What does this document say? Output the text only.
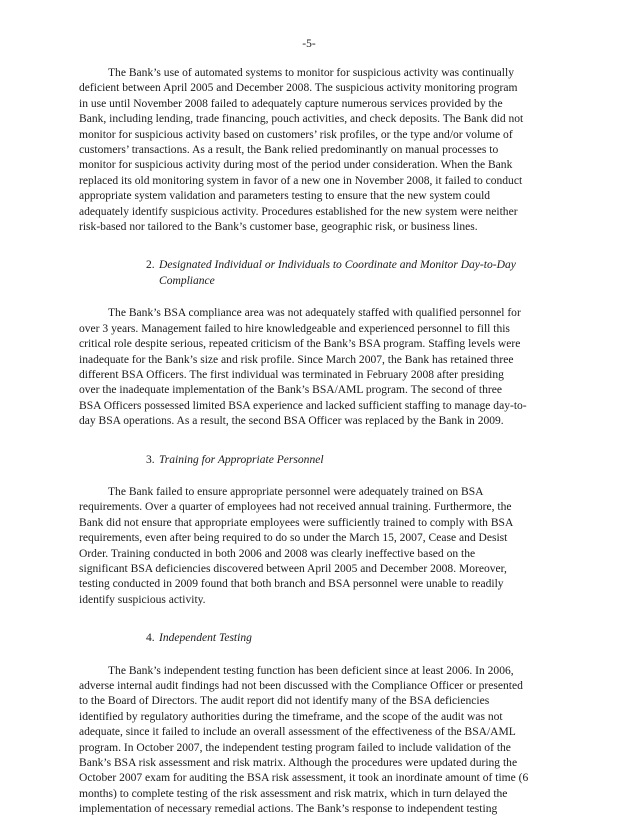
-5-

The Bank’s use of automated systems to monitor for suspicious activity was continually
deficient between April 2005 and December 2008. The suspicious activity monitoring program
in use until November 2008 failed to adequately capture numerous services provided by the
Bank, including lending, trade financing, pouch activities, and check deposits. The Bank did not
monitor for suspicious activity based on customers’ risk profiles, or the type and/or volume of
customers’ transactions. As a result, the Bank relied predominantly on manual processes to
monitor for suspicious activity during most of the period under consideration. When the Bank
replaced its old monitoring system in favor of a new one in November 2008, it failed to conduct
appropriate system validation and parameters testing to ensure that the new system could
adequately identify suspicious activity. Procedures established for the new system were neither
risk-based nor tailored to the Bank’s customer base, geographic risk, or business lines.

2. Designated Individual or Individuals to Coordinate and Monitor Day-to-Day
Compliance

The Bank’s BSA compliance area was not adequately staffed with qualified personnel for
over 3 years. Management failed to hire knowledgeable and experienced personnel to fill this
critical role despite serious, repeated criticism of the Bank’s BSA program. Staffing levels were
inadequate for the Bank’s size and risk profile. Since March 2007, the Bank has retained three
different BSA Officers. The first individual was terminated in February 2008 after presiding
over the inadequate implementation of the Bank’s BSA/AML program. The second of three
BSA Officers possessed limited BSA experience and lacked sufficient staffing to manage day-to-
day BSA operations. As a result, the second BSA Officer was replaced by the Bank in 2009.

3. Training for Appropriate Personnel

The Bank failed to ensure appropriate personnel were adequately trained on BSA
requirements. Over a quarter of employees had not received annual training. Furthermore, the
Bank did not ensure that appropriate employees were sufficiently trained to comply with BSA
requirements, even after being required to do so under the March 15, 2007, Cease and Desist
Order. Training conducted in both 2006 and 2008 was clearly ineffective based on the
significant BSA deficiencies discovered between April 2005 and December 2008. Moreover,
testing conducted in 2009 found that both branch and BSA personnel were unable to readily
identify suspicious activity.

4. Independent Testing

The Bank’s independent testing function has been deficient since at least 2006. In 2006,
adverse internal audit findings had not been discussed with the Compliance Officer or presented
to the Board of Directors. The audit report did not identify many of the BSA deficiencies
identified by regulatory authorities during the timeframe, and the scope of the audit was not
adequate, since it failed to include an overall assessment of the effectiveness of the BSA/AML
program. In October 2007, the independent testing program failed to include validation of the
Bank’s BSA risk assessment and risk matrix. Although the procedures were updated during the
October 2007 exam for auditing the BSA risk assessment, it took an inordinate amount of time (6
months) to complete testing of the risk assessment and risk matrix, which in turn delayed the
implementation of necessary remedial actions. The Bank’s response to independent testing
